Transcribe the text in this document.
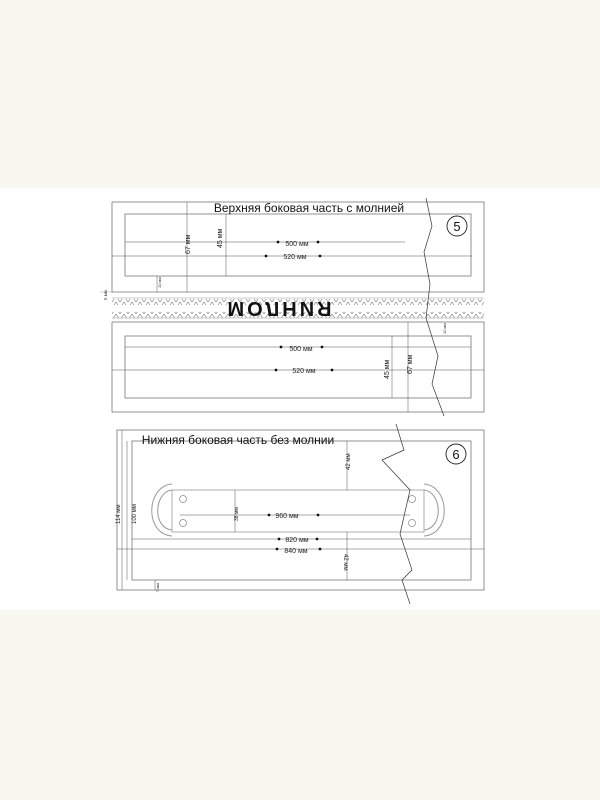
Верхняя боковая часть с молнией
5
500 мм
520 мм
67 мм	45 мм
10 мм
МОЛНИЯ
5 мм
10 мм
500 мм
520 мм	45 мм 67 мм
Нижняя боковая часть без молнии
6
960 мм
38 мм
820 мм
840 мм
42 мм
42 мм
114 мм 100 мм
7 мм
